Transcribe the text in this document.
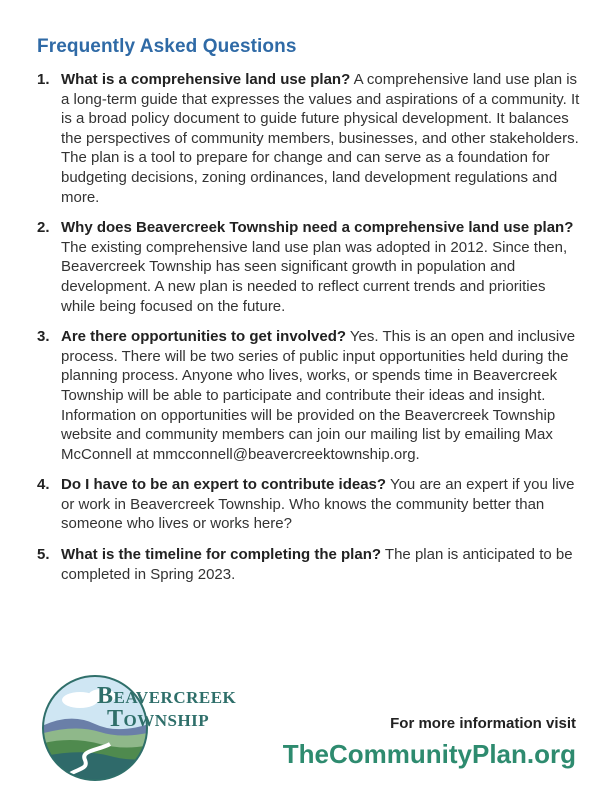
Frequently Asked Questions
1. What is a comprehensive land use plan? A comprehensive land use plan is a long-term guide that expresses the values and aspirations of a community. It is a broad policy document to guide future physical development. It balances the perspectives of community members, businesses, and other stakeholders. The plan is a tool to prepare for change and can serve as a foundation for budgeting decisions, zoning ordinances, land development regulations and more.
2. Why does Beavercreek Township need a comprehensive land use plan? The existing comprehensive land use plan was adopted in 2012. Since then, Beavercreek Township has seen significant growth in population and development. A new plan is needed to reflect current trends and priorities while being focused on the future.
3. Are there opportunities to get involved? Yes. This is an open and inclusive process. There will be two series of public input opportunities held during the planning process. Anyone who lives, works, or spends time in Beavercreek Township will be able to participate and contribute their ideas and insight. Information on opportunities will be provided on the Beavercreek Township website and community members can join our mailing list by emailing Max McConnell at mmcconnell@beavercreektownship.org.
4. Do I have to be an expert to contribute ideas? You are an expert if you live or work in Beavercreek Township. Who knows the community better than someone who lives or works here?
5. What is the timeline for completing the plan? The plan is anticipated to be completed in Spring 2023.
Beavercreek
Township	For more information visit
TheCommunityPlan.org
